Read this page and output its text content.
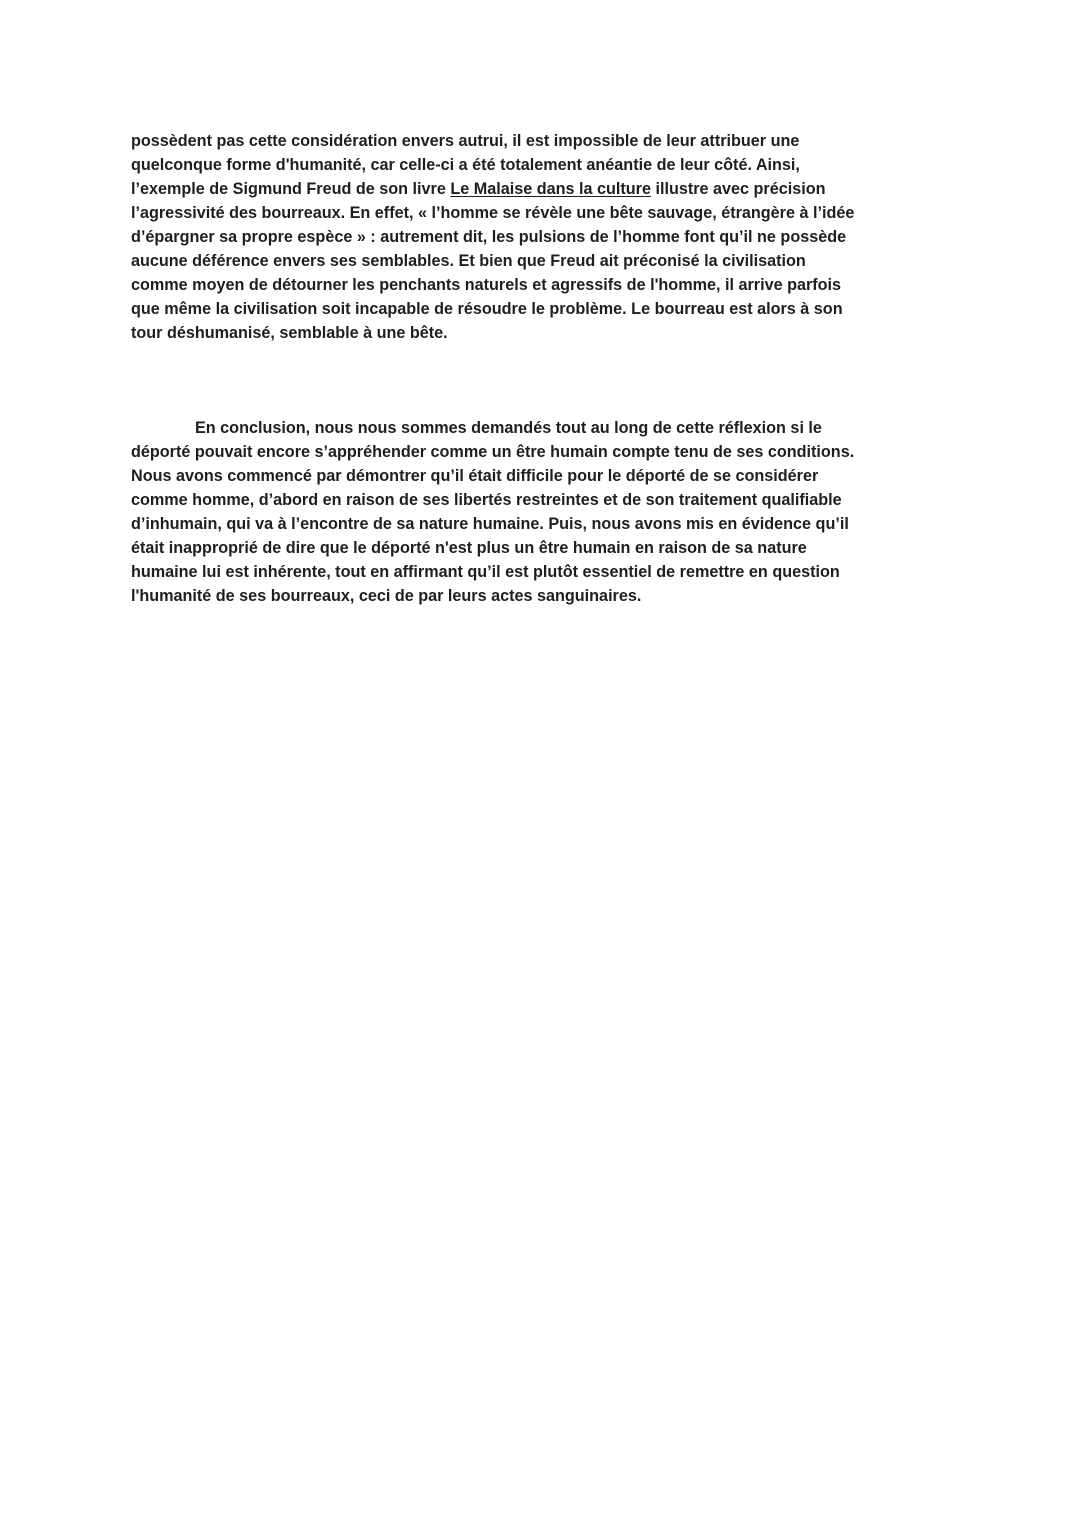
possèdent pas cette considération envers autrui, il est impossible de leur attribuer une
quelconque forme d'humanité, car celle-ci a été totalement anéantie de leur côté. Ainsi,
l’exemple de Sigmund Freud de son livre Le Malaise dans la culture illustre avec précision
l’agressivité des bourreaux. En effet, « l’homme se révèle une bête sauvage, étrangère à l’idée
d’épargner sa propre espèce » : autrement dit, les pulsions de l’homme font qu’il ne possède
aucune déférence envers ses semblables. Et bien que Freud ait préconisé la civilisation
comme moyen de détourner les penchants naturels et agressifs de l'homme, il arrive parfois
que même la civilisation soit incapable de résoudre le problème. Le bourreau est alors à son
tour déshumanisé, semblable à une bête.

En conclusion, nous nous sommes demandés tout au long de cette réflexion si le
déporté pouvait encore s’appréhender comme un être humain compte tenu de ses conditions.
Nous avons commencé par démontrer qu’il était difficile pour le déporté de se considérer
comme homme, d’abord en raison de ses libertés restreintes et de son traitement qualifiable
d’inhumain, qui va à l’encontre de sa nature humaine. Puis, nous avons mis en évidence qu’il
était inapproprié de dire que le déporté n'est plus un être humain en raison de sa nature
humaine lui est inhérente, tout en affirmant qu’il est plutôt essentiel de remettre en question
l'humanité de ses bourreaux, ceci de par leurs actes sanguinaires.
